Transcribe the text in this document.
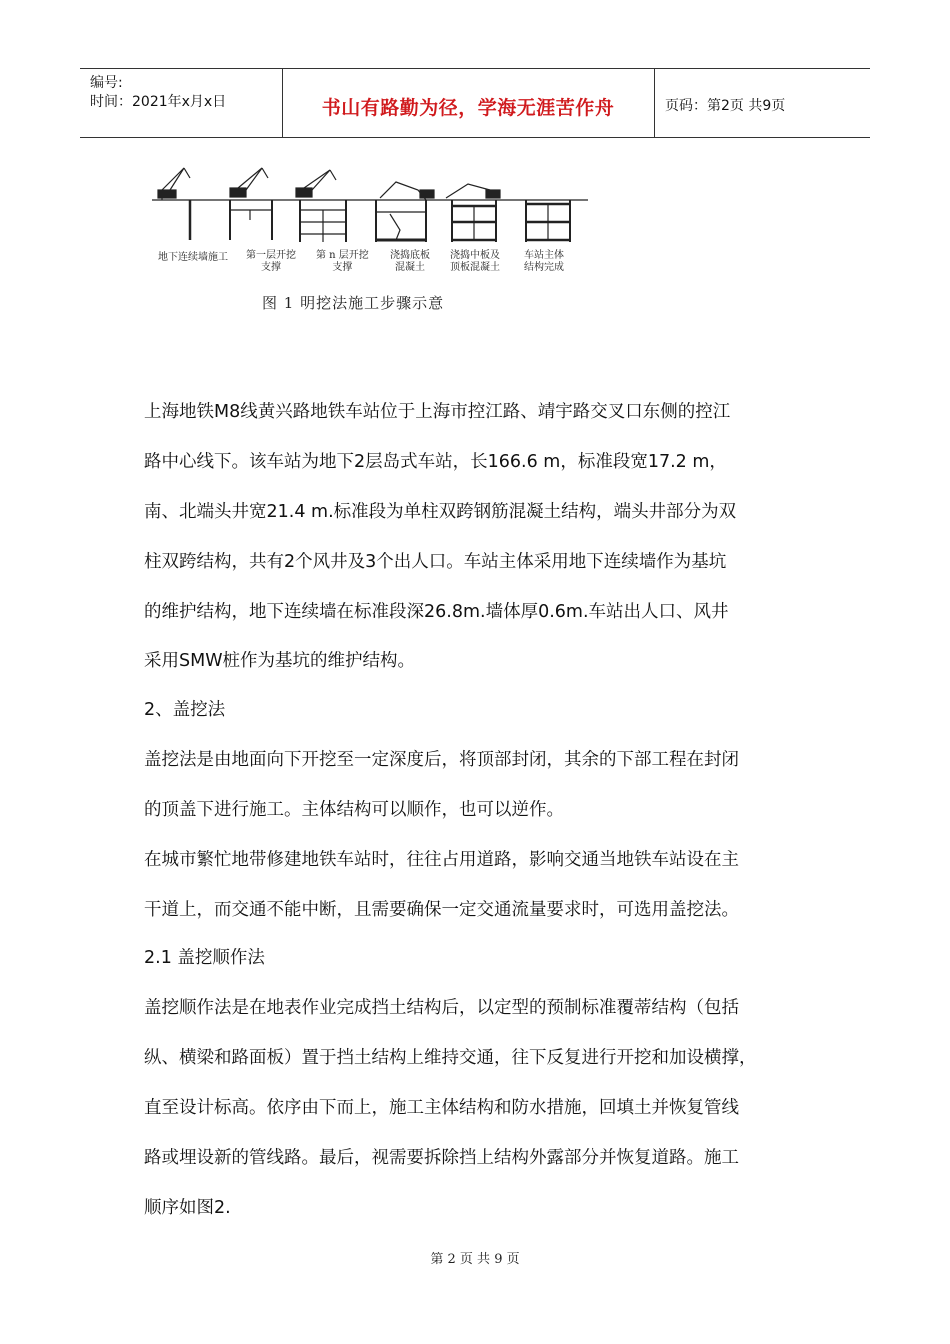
编号:
时间：2021年x月x日	书山有路勤为径，学海无涯苦作舟	页码：第2页 共9页
地下连续墙施工 第一层开挖
支撑
第 n 层开挖
支撑
浇捣底板
混凝土
浇捣中板及
顶板混凝土
车站主体
结构完成
图 1 明挖法施工步骤示意
上海地铁M8线黄兴路地铁车站位于上海市控江路、靖宇路交叉口东侧的控江
路中心线下。该车站为地下2层岛式车站，长166.6 m，标准段宽17.2 m，
南、北端头井宽21.4 m.标准段为单柱双跨钢筋混凝土结构，端头井部分为双
柱双跨结构，共有2个风井及3个出人口。车站主体采用地下连续墙作为基坑
的维护结构，地下连续墙在标准段深26.8m.墙体厚0.6m.车站出人口、风井
采用SMW桩作为基坑的维护结构。
2、盖挖法
盖挖法是由地面向下开挖至一定深度后，将顶部封闭，其余的下部工程在封闭
的顶盖下进行施工。主体结构可以顺作，也可以逆作。
在城市繁忙地带修建地铁车站时，往往占用道路，影响交通当地铁车站设在主
干道上，而交通不能中断，且需要确保一定交通流量要求时，可选用盖挖法。
2.1 盖挖顺作法
盖挖顺作法是在地表作业完成挡土结构后，以定型的预制标准覆蒂结构（包括
纵、横梁和路面板）置于挡土结构上维持交通，往下反复进行开挖和加设横撑，
直至设计标高。依序由下而上，施工主体结构和防水措施，回填土并恢复管线
路或埋设新的管线路。最后，视需要拆除挡上结构外露部分并恢复道路。施工
顺序如图2.
第 2 页 共 9 页
